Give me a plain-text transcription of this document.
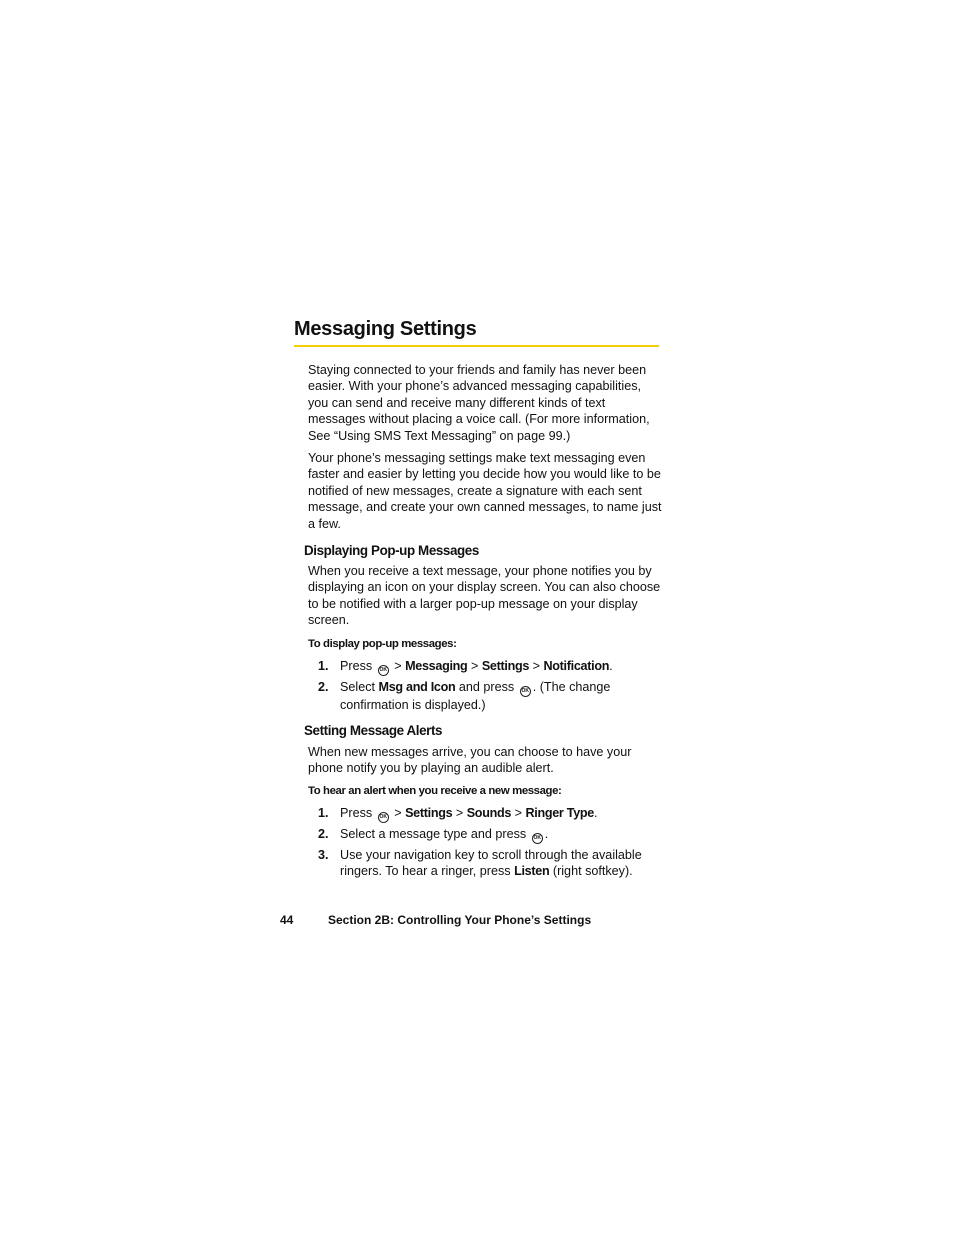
Messaging Settings

Staying connected to your friends and family has never been easier. With your phone’s advanced messaging capabilities, you can send and receive many different kinds of text messages without placing a voice call. (For more information, See “Using SMS Text Messaging” on page 99.)

Your phone’s messaging settings make text messaging even faster and easier by letting you decide how you would like to be notified of new messages, create a signature with each sent message, and create your own canned messages, to name just a few.

Displaying Pop-up Messages

When you receive a text message, your phone notifies you by displaying an icon on your display screen. You can also choose to be notified with a larger pop-up message on your display screen.

To display pop-up messages:

1. Press OK > Messaging > Settings > Notification.
2. Select Msg and Icon and press OK . (The change confirmation is displayed.)
Setting Message Alerts

When new messages arrive, you can choose to have your phone notify you by playing an audible alert.

To hear an alert when you receive a new message:

1. Press OK > Settings > Sounds > Ringer Type.
2. Select a message type and press OK .
3. Use your navigation key to scroll through the available ringers. To hear a ringer, press Listen (right softkey).
44	Section 2B: Controlling Your Phone’s Settings
